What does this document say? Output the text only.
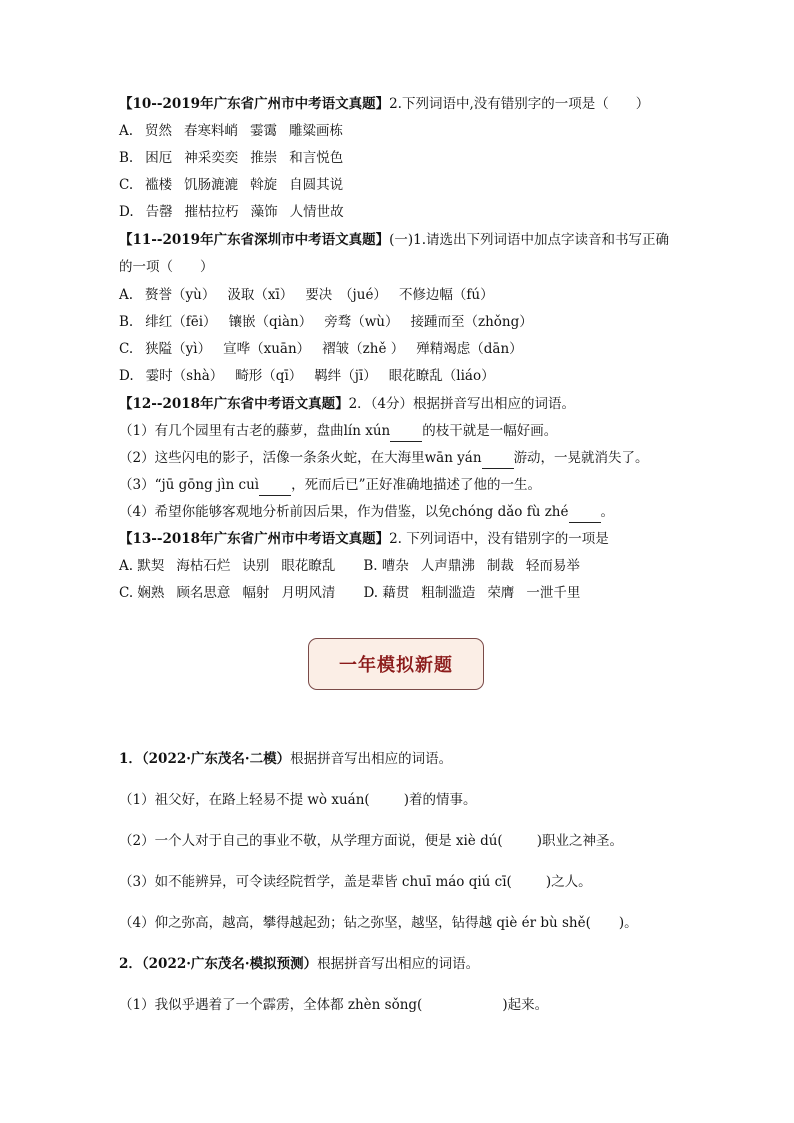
【10--2019年广东省广州市中考语文真题】2.下列词语中,没有错别字的一项是（　　）
A. 贸然 春寒料峭 霎霭 雕粱画栋
B. 困厄 神采奕奕 推崇 和言悦色
C. 褴楼 饥肠漉漉 斡旋 自圆其说
D. 告罄 摧枯拉朽 藻饰 人情世故
【11--2019年广东省深圳市中考语文真题】(一)1.请选出下列词语中加点字读音和书写正确
的一项（　　）
A. 赘誉（yù） 汲取（xī） 要决　（jué） 不修边幅（fú）
B. 绯红（fēi） 镶嵌（qiàn） 旁骛（wù） 接踵而至（zhǒng）
C. 狭隘（yì） 宣哗（xuān） 褶皱（zhě ） 殚精竭虑（dān）
D. 霎时（shà） 畸形（qī） 羁绊（jī） 眼花瞭乱（liáo）
【12--2018年广东省中考语文真题】2．（4分）根据拼音写出相应的词语。
（1）有几个园里有古老的藤萝，盘曲lín xún 的枝干就是一幅好画。
（2）这些闪电的影子，活像一条条火蛇，在大海里wān yán 游动，一晃就消失了。
（3）“jū gōng jìn cuì ，死而后已”正好准确地描述了他的一生。
（4）希望你能够客观地分析前因后果，作为借鉴，以免chóng dǎo fù zhé 。
【13--2018年广东省广州市中考语文真题】2. 下列词语中，没有错别字的一项是
A. 默契 海枯石烂 诀别 眼花瞭乱 B. 嘈杂 人声鼎沸 制裁 轻而易举
C. 娴熟 顾名思意 幅射 月明风清 D. 藉贯 粗制滥造 荣膺 一泄千里
一年模拟新题
1．（2022·广东茂名·二模）根据拼音写出相应的词语。
（1）祖父好，在路上轻易不提 wò xuán(	)着的情事。
（2）一个人对于自己的事业不敬，从学理方面说，便是 xiè dú(	)职业之神圣。
（3）如不能辨异，可令读经院哲学，盖是辈皆 chuī máo qiú cī(	)之人。
（4）仰之弥高，越高，攀得越起劲；钻之弥坚，越坚，钻得越 qiè ér bù shě( )。
2．（2022·广东茂名·模拟预测）根据拼音写出相应的词语。
（1）我似乎遇着了一个霹雳，全体都 zhèn sǒng(	)起来。
